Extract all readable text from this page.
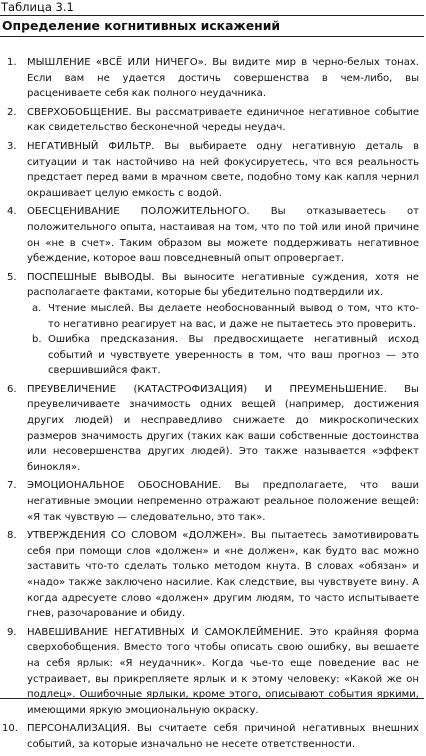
Таблица 3.1
Определение когнитивных искажений
1.	МЫШЛЕНИЕ «ВСЁ ИЛИ НИЧЕГО». Вы видите мир в черно-белых тонах. Если вам не удается достичь совершенства в чем-либо, вы расцениваете себя как полного неудачника.
2.	СВЕРХОБОБЩЕНИЕ. Вы рассматриваете единичное негативное событие как свидетельство бесконечной череды неудач.
3.	НЕГАТИВНЫЙ ФИЛЬТР. Вы выбираете одну негативную деталь в ситуации и так настойчиво на ней фокусируетесь, что вся реальность предстает перед вами в мрачном свете, подобно тому как капля чернил окрашивает целую емкость с водой.
4.	ОБЕСЦЕНИВАНИЕ ПОЛОЖИТЕЛЬНОГО. Вы отказываетесь от положительного опыта, настаивая на том, что по той или иной причине он «не в счет». Таким образом вы можете поддерживать негативное убеждение, которое ваш повседневный опыт опровергает.
5.	ПОСПЕШНЫЕ ВЫВОДЫ. Вы выносите негативные суждения, хотя не располагаете фактами, которые бы убедительно подтвердили их.
a. Чтение мыслей. Вы делаете необоснованный вывод о том, что кто-то негативно реагирует на вас, и даже не пытаетесь это проверить.
b. Ошибка предсказания. Вы предвосхищаете негативный исход событий и чувствуете уверенность в том, что ваш прогноз — это свершившийся факт.
6.	ПРЕУВЕЛИЧЕНИЕ (КАТАСТРОФИЗАЦИЯ) И ПРЕУМЕНЬШЕНИЕ. Вы преувеличиваете значимость одних вещей (например, достижения других людей) и несправедливо снижаете до микроскопических размеров значимость других (таких как ваши собственные достоинства или несовершенства других людей). Это также называется «эффект бинокля».
7.	ЭМОЦИОНАЛЬНОЕ ОБОСНОВАНИЕ. Вы предполагаете, что ваши негативные эмоции непременно отражают реальное положение вещей: «Я так чувствую — следовательно, это так».
8.	УТВЕРЖДЕНИЯ СО СЛОВОМ «ДОЛЖЕН». Вы пытаетесь замотивировать себя при помощи слов «должен» и «не должен», как будто вас можно заставить что-то сделать только методом кнута. В словах «обязан» и «надо» также заключено насилие. Как следствие, вы чувствуете вину. А когда адресуете слово «должен» другим людям, то часто испытываете гнев, разочарование и обиду.
9.	НАВЕШИВАНИЕ НЕГАТИВНЫХ И САМОКЛЕЙМЕНИЕ. Это крайняя форма сверхобобщения. Вместо того чтобы описать свою ошибку, вы вешаете на себя ярлык: «Я неудачник». Когда чье-то еще поведение вас не устраивает, вы прикрепляете ярлык и к этому человеку: «Какой же он подлец». Ошибочные ярлыки, кроме этого, описывают события яркими, имеющими яркую эмоциональную окраску.
10. ПЕРСОНАЛИЗАЦИЯ. Вы считаете себя причиной негативных внешних событий, за которые изначально не несете ответственности.
